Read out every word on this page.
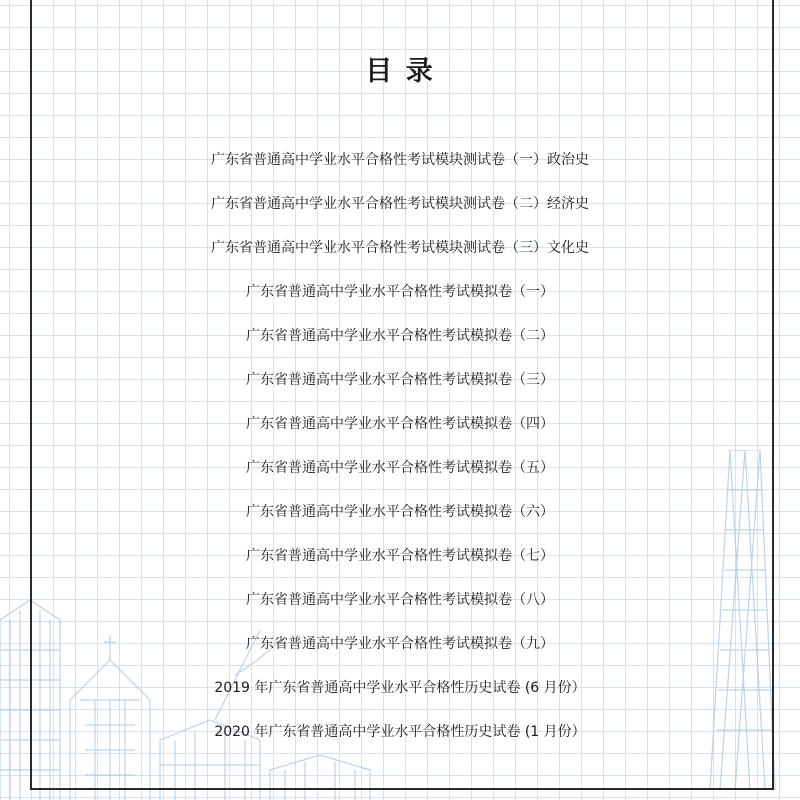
目 录
广东省普通高中学业水平合格性考试模块测试卷（一）政治史
广东省普通高中学业水平合格性考试模块测试卷（二）经济史
广东省普通高中学业水平合格性考试模块测试卷（三）文化史
广东省普通高中学业水平合格性考试模拟卷（一）
广东省普通高中学业水平合格性考试模拟卷（二）
广东省普通高中学业水平合格性考试模拟卷（三）
广东省普通高中学业水平合格性考试模拟卷（四）
广东省普通高中学业水平合格性考试模拟卷（五）
广东省普通高中学业水平合格性考试模拟卷（六）
广东省普通高中学业水平合格性考试模拟卷（七）
广东省普通高中学业水平合格性考试模拟卷（八）
广东省普通高中学业水平合格性考试模拟卷（九）
2019 年广东省普通高中学业水平合格性历史试卷 (6 月份）
2020 年广东省普通高中学业水平合格性历史试卷 (1 月份）
